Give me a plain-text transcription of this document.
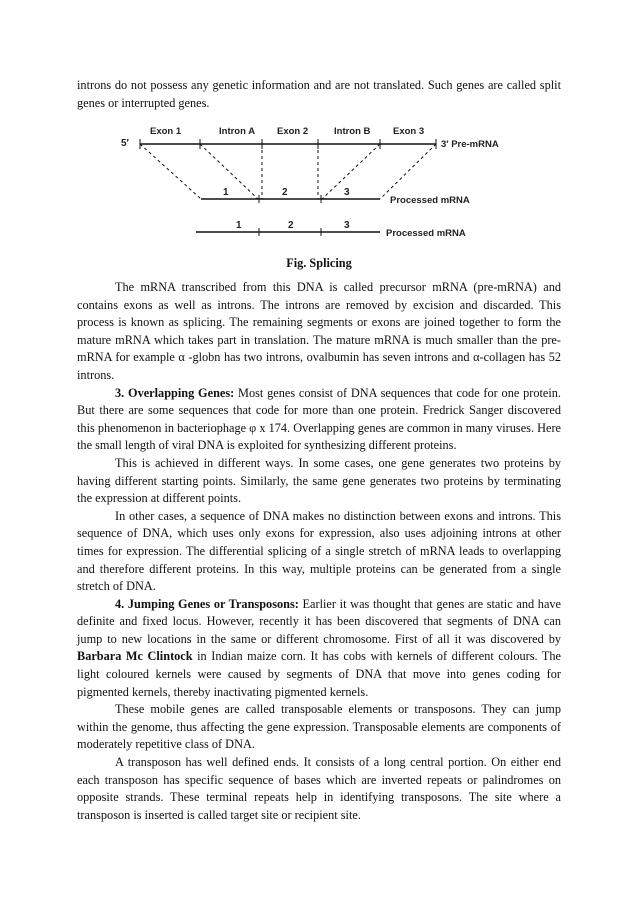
introns do not possess any genetic information and are not translated. Such genes are called split genes or interrupted genes.

5′
Exon 1	Intron A Exon 2	Intron B Exon 3
3′ Pre-mRNA
1	2	3
Processed mRNA
1	2	3
Processed mRNA
Fig. Splicing

The mRNA transcribed from this DNA is called precursor mRNA (pre-mRNA) and contains exons as well as introns. The introns are removed by excision and discarded. This process is known as splicing. The remaining segments or exons are joined together to form the mature mRNA which takes part in translation. The mature mRNA is much smaller than the pre-mRNA for example α -globn has two introns, ovalbumin has seven introns and α-collagen has 52 introns.

3. Overlapping Genes: Most genes consist of DNA sequences that code for one protein. But there are some sequences that code for more than one protein. Fredrick Sanger discovered this phenomenon in bacteriophage φ x 174. Overlapping genes are common in many viruses. Here the small length of viral DNA is exploited for synthesizing different proteins.

This is achieved in different ways. In some cases, one gene generates two proteins by having different starting points. Similarly, the same gene generates two proteins by terminating the expression at different points.

In other cases, a sequence of DNA makes no distinction between exons and introns. This sequence of DNA, which uses only exons for expression, also uses adjoining introns at other times for expression. The differential splicing of a single stretch of mRNA leads to overlapping and therefore different proteins. In this way, multiple proteins can be generated from a single stretch of DNA.

4. Jumping Genes or Transposons: Earlier it was thought that genes are static and have definite and fixed locus. However, recently it has been discovered that segments of DNA can jump to new locations in the same or different chromosome. First of all it was discovered by Barbara Mc Clintock in Indian maize corn. It has cobs with kernels of different colours. The light coloured kernels were caused by segments of DNA that move into genes coding for pigmented kernels, thereby inactivating pigmented kernels.

These mobile genes are called transposable elements or transposons. They can jump within the genome, thus affecting the gene expression. Transposable elements are components of moderately repetitive class of DNA.

A transposon has well defined ends. It consists of a long central portion. On either end each transposon has specific sequence of bases which are inverted repeats or palindromes on opposite strands. These terminal repeats help in identifying transposons. The site where a transposon is inserted is called target site or recipient site.
